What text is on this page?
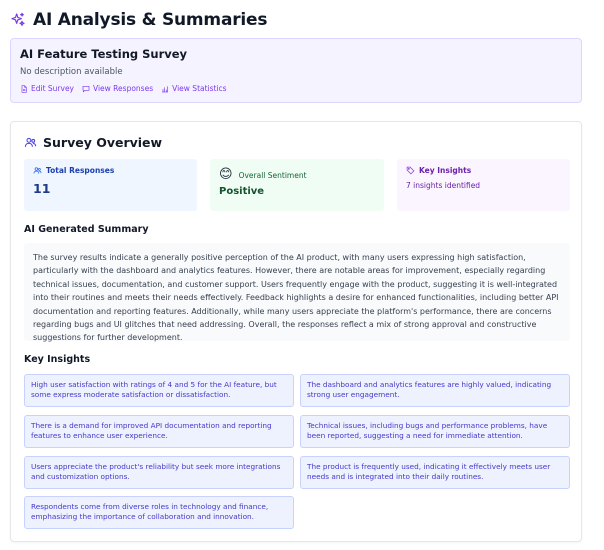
AI Analysis & Summaries
AI Feature Testing Survey
No description available
Edit Survey	View Responses	View Statistics
Survey Overview
Total Responses
11
😊 Overall Sentiment
Positive
Key Insights
7 insights identified
AI Generated Summary
The survey results indicate a generally positive perception of the AI product, with many users expressing high satisfaction, particularly with the dashboard and analytics features. However, there are notable areas for improvement, especially regarding technical issues, documentation, and customer support. Users frequently engage with the product, suggesting it is well-integrated into their routines and meets their needs effectively. Feedback highlights a desire for enhanced functionalities, including better API documentation and reporting features. Additionally, while many users appreciate the platform's performance, there are concerns regarding bugs and UI glitches that need addressing. Overall, the responses reflect a mix of strong approval and constructive suggestions for further development.
Key Insights
High user satisfaction with ratings of 4 and 5 for the AI feature, but some express moderate satisfaction or dissatisfaction.
The dashboard and analytics features are highly valued, indicating strong user engagement.
There is a demand for improved API documentation and reporting features to enhance user experience.
Technical issues, including bugs and performance problems, have been reported, suggesting a need for immediate attention.
Users appreciate the product's reliability but seek more integrations and customization options.
The product is frequently used, indicating it effectively meets user needs and is integrated into their daily routines.
Respondents come from diverse roles in technology and finance, emphasizing the importance of collaboration and innovation.
